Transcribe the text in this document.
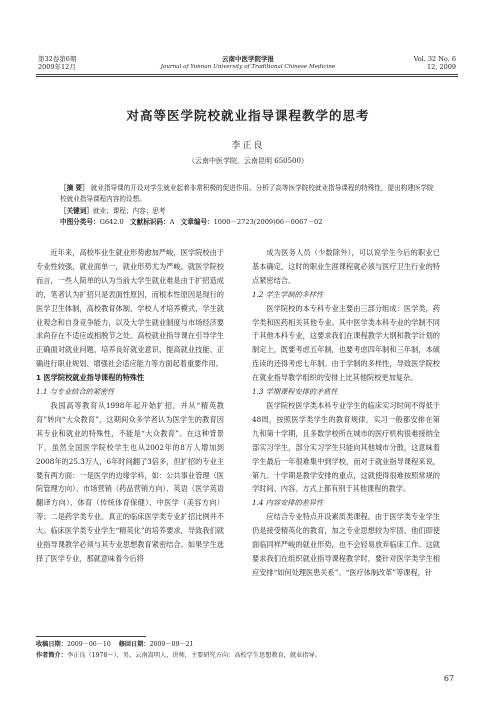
第32卷第6期
2009年12月
云南中医学院学报
Journal of Yunnan University of Traditional Chinese Medicine
Vol. 32 No. 6
12, 2009
对高等医学院校就业指导课程教学的思考
李正良
（云南中医学院，云南昆明 650500）
［摘 要］ 就业指导课的开设对学生就业起着非常积极的促进作用。分析了高等医学院校就业指导课程的特殊性，提出构建医学院校就业指导课程内容的设想。
［关键词］就业；课程；内容；思考
中图分类号：G642.0 文献标识码：A 文章编号：1000－2723(2009)06－0067－02

近年来，高校毕业生就业形势愈加严峻，医学院校由于专业性较强，就业面单一，就业形势尤为严峻。就医学院校而言，一些人简单的认为当前大学生就业难是由于扩招造成的，笔者认为扩招只是表面性原因，而根本性原因是现行的医学卫生体制，高校教育体制、学校人才培养模式，学生就业观念和自身竞争能力，以及大学生就业制度与市场经济要求尚存在不适应或相脱节之处。高校就业指导课在引导学生正确面对就业问题、培养良好就业意识、提高就业技能、正确进行职业规划、增强社会适应能力等方面起着重要作用。

1 医学院校就业指导课程的特殊性

1.1 与专业结合的紧密性

我国高等教育从1998年起开始扩招，并从“精英教育”转向“大众教育”，这期间众多学者认为医学生的教育因其专业和就业的特殊性，不能是“大众教育”。在这种背景下，虽然全国医学院校学生也从2002年的8万人增加到2008年的25.3万人，6年时间翻了3倍多，但扩招的专业主要有两方面：一是医学的边缘学科，如：公共事业管理（医院管理方向）、市场营销（药品营销方向）、英语（医学英语翻译方向）、体育（传统体育保健）、中医学（美容方向）等；二是药学类专业。真正的临床医学类专业扩招比例并不大。临床医学类专业学生“精英化”的培养要求，导致我们就业指导课教学必须与其专业思想教育紧密结合。如果学生选择了医学专业，那就意味着今后将

成为医务人员（少数除外），可以说学生今后的职业已基本确定，这时的职业生涯课程就必须与医疗卫生行业的特点紧密结合。

1.2 学生学制的多样性

医学院校的本专科专业主要由三部分组成：医学类，药学类和医药相关其他专业。其中医学类本科专业的学制不同于其他本科专业，这要求我们在课程教学大纲和教学计划的制定上，既要考虑五年制，也要考虑四年制和三年制，本硕连读的还得考虑七年制。由于学制的多样性，导致医学院校在就业指导教学组织的安排上比其他院校更加复杂。

1.3 学期课程安排的矛盾性

医学院校医学类本科专业学生的临床实习时间不得低于48周，按照医学类学生的教育规律，实习一般都安排在第九和第十学期，且多数学校所在城市的医疗机构很难接纳全部实习学生，部分实习学生只能向其他城市分散，这意味着学生最后一年很难集中到学校，而对于就业指导课程来说，第九、十学期是教学安排的重点，这就使得很难按照常规的学时间、内容、方式上都有别于其他课程的教学。

1.4 内容安排的差异性

应结合专业特点开设素质类课程。由于医学类专业学生仍是接受精英化的教育，加之专业思想较为牢固，他们即使面临同样严峻的就业形势，也不会轻易放弃临床工作。这就要求我们在组织就业指导课程教学时，要针对医学类学生相应安排“如何处理医患关系”、“医疗体制改革”等课程，针

收稿日期：2009－06－10 修回日期：2009－09－21
作者简介：李正良（1978～），男，云南嵩明人，讲师，主要研究方向：高校学生思想教育，就业指导。
67
